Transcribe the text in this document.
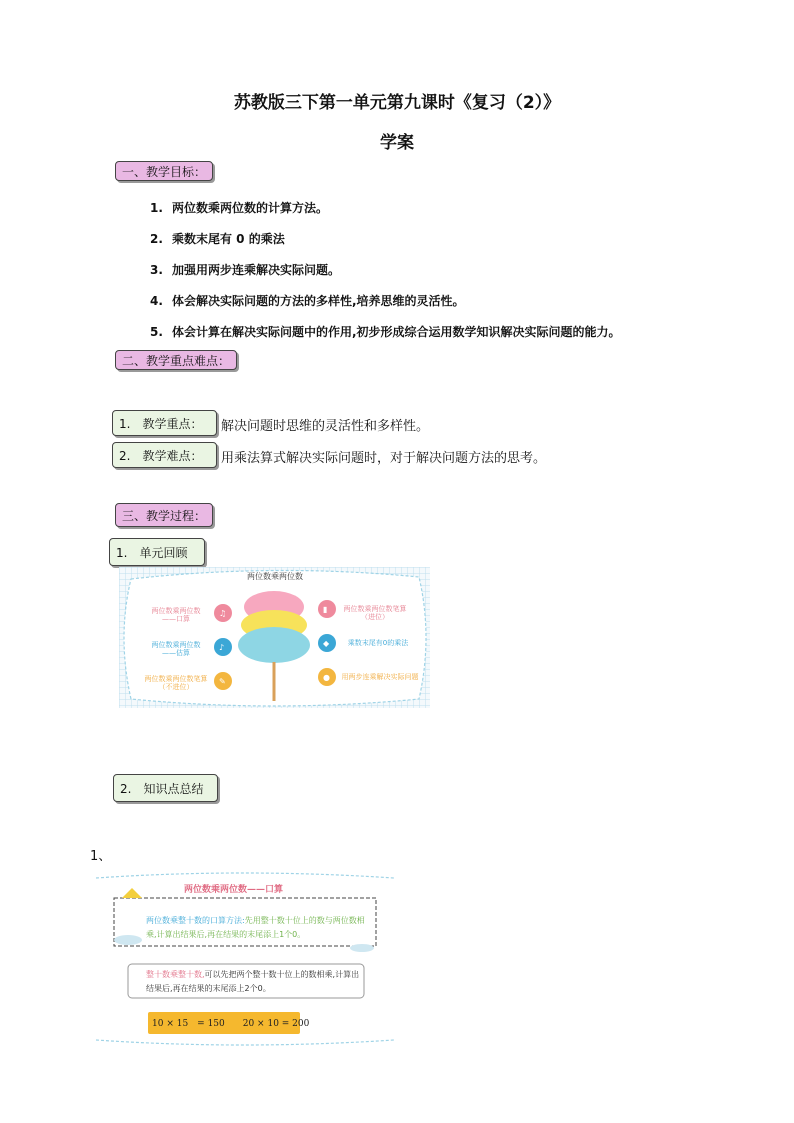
苏教版三下第一单元第九课时《复习（2）》
学案
一、教学目标：
1. 两位数乘两位数的计算方法。
2. 乘数末尾有 0 的乘法
3. 加强用两步连乘解决实际问题。
4. 体会解决实际问题的方法的多样性,培养思维的灵活性。
5. 体会计算在解决实际问题中的作用,初步形成综合运用数学知识解决实际问题的能力。
二、教学重点难点：
1.　教学重点：	解决问题时思维的灵活性和多样性。
2.　教学难点：	用乘法算式解决实际问题时，对于解决问题方法的思考。
三、教学过程：
1.　单元回顾
两位数乘两位数
♫
♪
✎
▮
◆
●
两位数乘两位数——口算
两位数乘两位数——估算
两位数乘两位数笔算（不进位）
两位数乘两位数笔算（进位）
乘数末尾有0的乘法
用两步连乘解决实际问题
2.　知识点总结
1、
两位数乘两位数——口算
两位数乘整十数的口算方法:先用整十数十位上的数与两位数相乘,计算出结果后,再在结果的末尾添上1个0。
整十数乘整十数,可以先把两个整十数十位上的数相乘,计算出结果后,再在结果的末尾添上2个0。
10 × 15　= 150　　20 × 10 = 200
